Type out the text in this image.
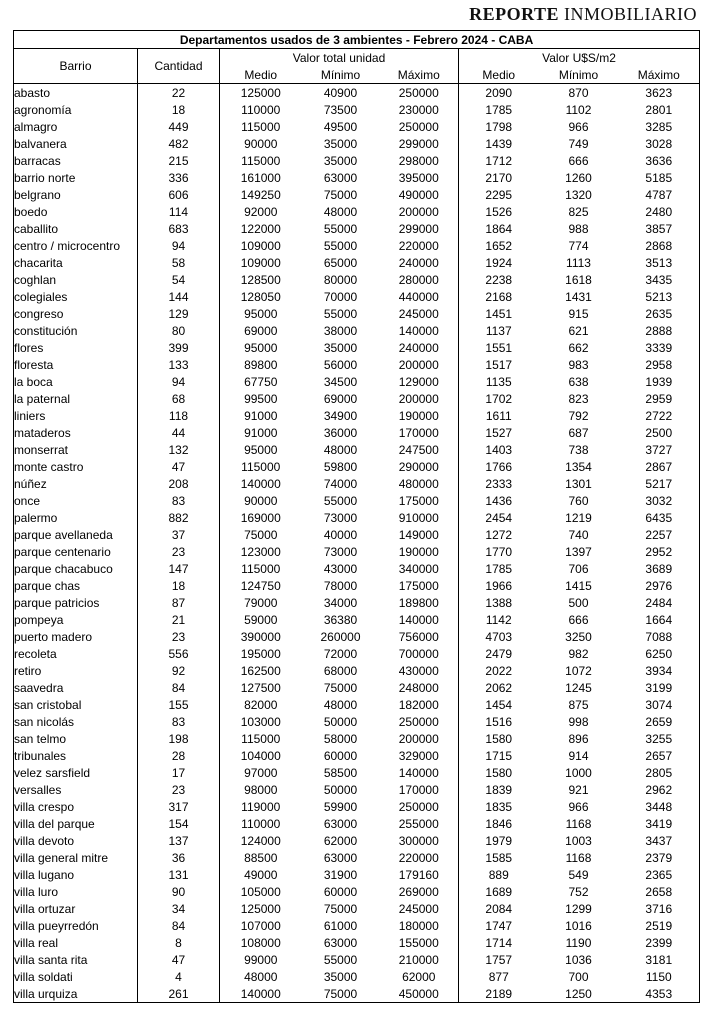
REPORTE INMOBILIARIO
Departamentos usados de 3 ambientes - Febrero 2024 - CABA							
Barrio	Cantidad	Valor total unidad			Valor U$S/m2		
		Medio	Mínimo	Máximo	Medio	Mínimo	Máximo
abasto	22	125000	40900	250000	2090	870	3623
agronomía	18	110000	73500	230000	1785	1102	2801
almagro	449	115000	49500	250000	1798	966	3285
balvanera	482	90000	35000	299000	1439	749	3028
barracas	215	115000	35000	298000	1712	666	3636
barrio norte	336	161000	63000	395000	2170	1260	5185
belgrano	606	149250	75000	490000	2295	1320	4787
boedo	114	92000	48000	200000	1526	825	2480
caballito	683	122000	55000	299000	1864	988	3857
centro / microcentro	94	109000	55000	220000	1652	774	2868
chacarita	58	109000	65000	240000	1924	1113	3513
coghlan	54	128500	80000	280000	2238	1618	3435
colegiales	144	128050	70000	440000	2168	1431	5213
congreso	129	95000	55000	245000	1451	915	2635
constitución	80	69000	38000	140000	1137	621	2888
flores	399	95000	35000	240000	1551	662	3339
floresta	133	89800	56000	200000	1517	983	2958
la boca	94	67750	34500	129000	1135	638	1939
la paternal	68	99500	69000	200000	1702	823	2959
liniers	118	91000	34900	190000	1611	792	2722
mataderos	44	91000	36000	170000	1527	687	2500
monserrat	132	95000	48000	247500	1403	738	3727
monte castro	47	115000	59800	290000	1766	1354	2867
núñez	208	140000	74000	480000	2333	1301	5217
once	83	90000	55000	175000	1436	760	3032
palermo	882	169000	73000	910000	2454	1219	6435
parque avellaneda	37	75000	40000	149000	1272	740	2257
parque centenario	23	123000	73000	190000	1770	1397	2952
parque chacabuco	147	115000	43000	340000	1785	706	3689
parque chas	18	124750	78000	175000	1966	1415	2976
parque patricios	87	79000	34000	189800	1388	500	2484
pompeya	21	59000	36380	140000	1142	666	1664
puerto madero	23	390000	260000	756000	4703	3250	7088
recoleta	556	195000	72000	700000	2479	982	6250
retiro	92	162500	68000	430000	2022	1072	3934
saavedra	84	127500	75000	248000	2062	1245	3199
san cristobal	155	82000	48000	182000	1454	875	3074
san nicolás	83	103000	50000	250000	1516	998	2659
san telmo	198	115000	58000	200000	1580	896	3255
tribunales	28	104000	60000	329000	1715	914	2657
velez sarsfield	17	97000	58500	140000	1580	1000	2805
versalles	23	98000	50000	170000	1839	921	2962
villa crespo	317	119000	59900	250000	1835	966	3448
villa del parque	154	110000	63000	255000	1846	1168	3419
villa devoto	137	124000	62000	300000	1979	1003	3437
villa general mitre	36	88500	63000	220000	1585	1168	2379
villa lugano	131	49000	31900	179160	889	549	2365
villa luro	90	105000	60000	269000	1689	752	2658
villa ortuzar	34	125000	75000	245000	2084	1299	3716
villa pueyrredón	84	107000	61000	180000	1747	1016	2519
villa real	8	108000	63000	155000	1714	1190	2399
villa santa rita	47	99000	55000	210000	1757	1036	3181
villa soldati	4	48000	35000	62000	877	700	1150
villa urquiza	261	140000	75000	450000	2189	1250	4353
